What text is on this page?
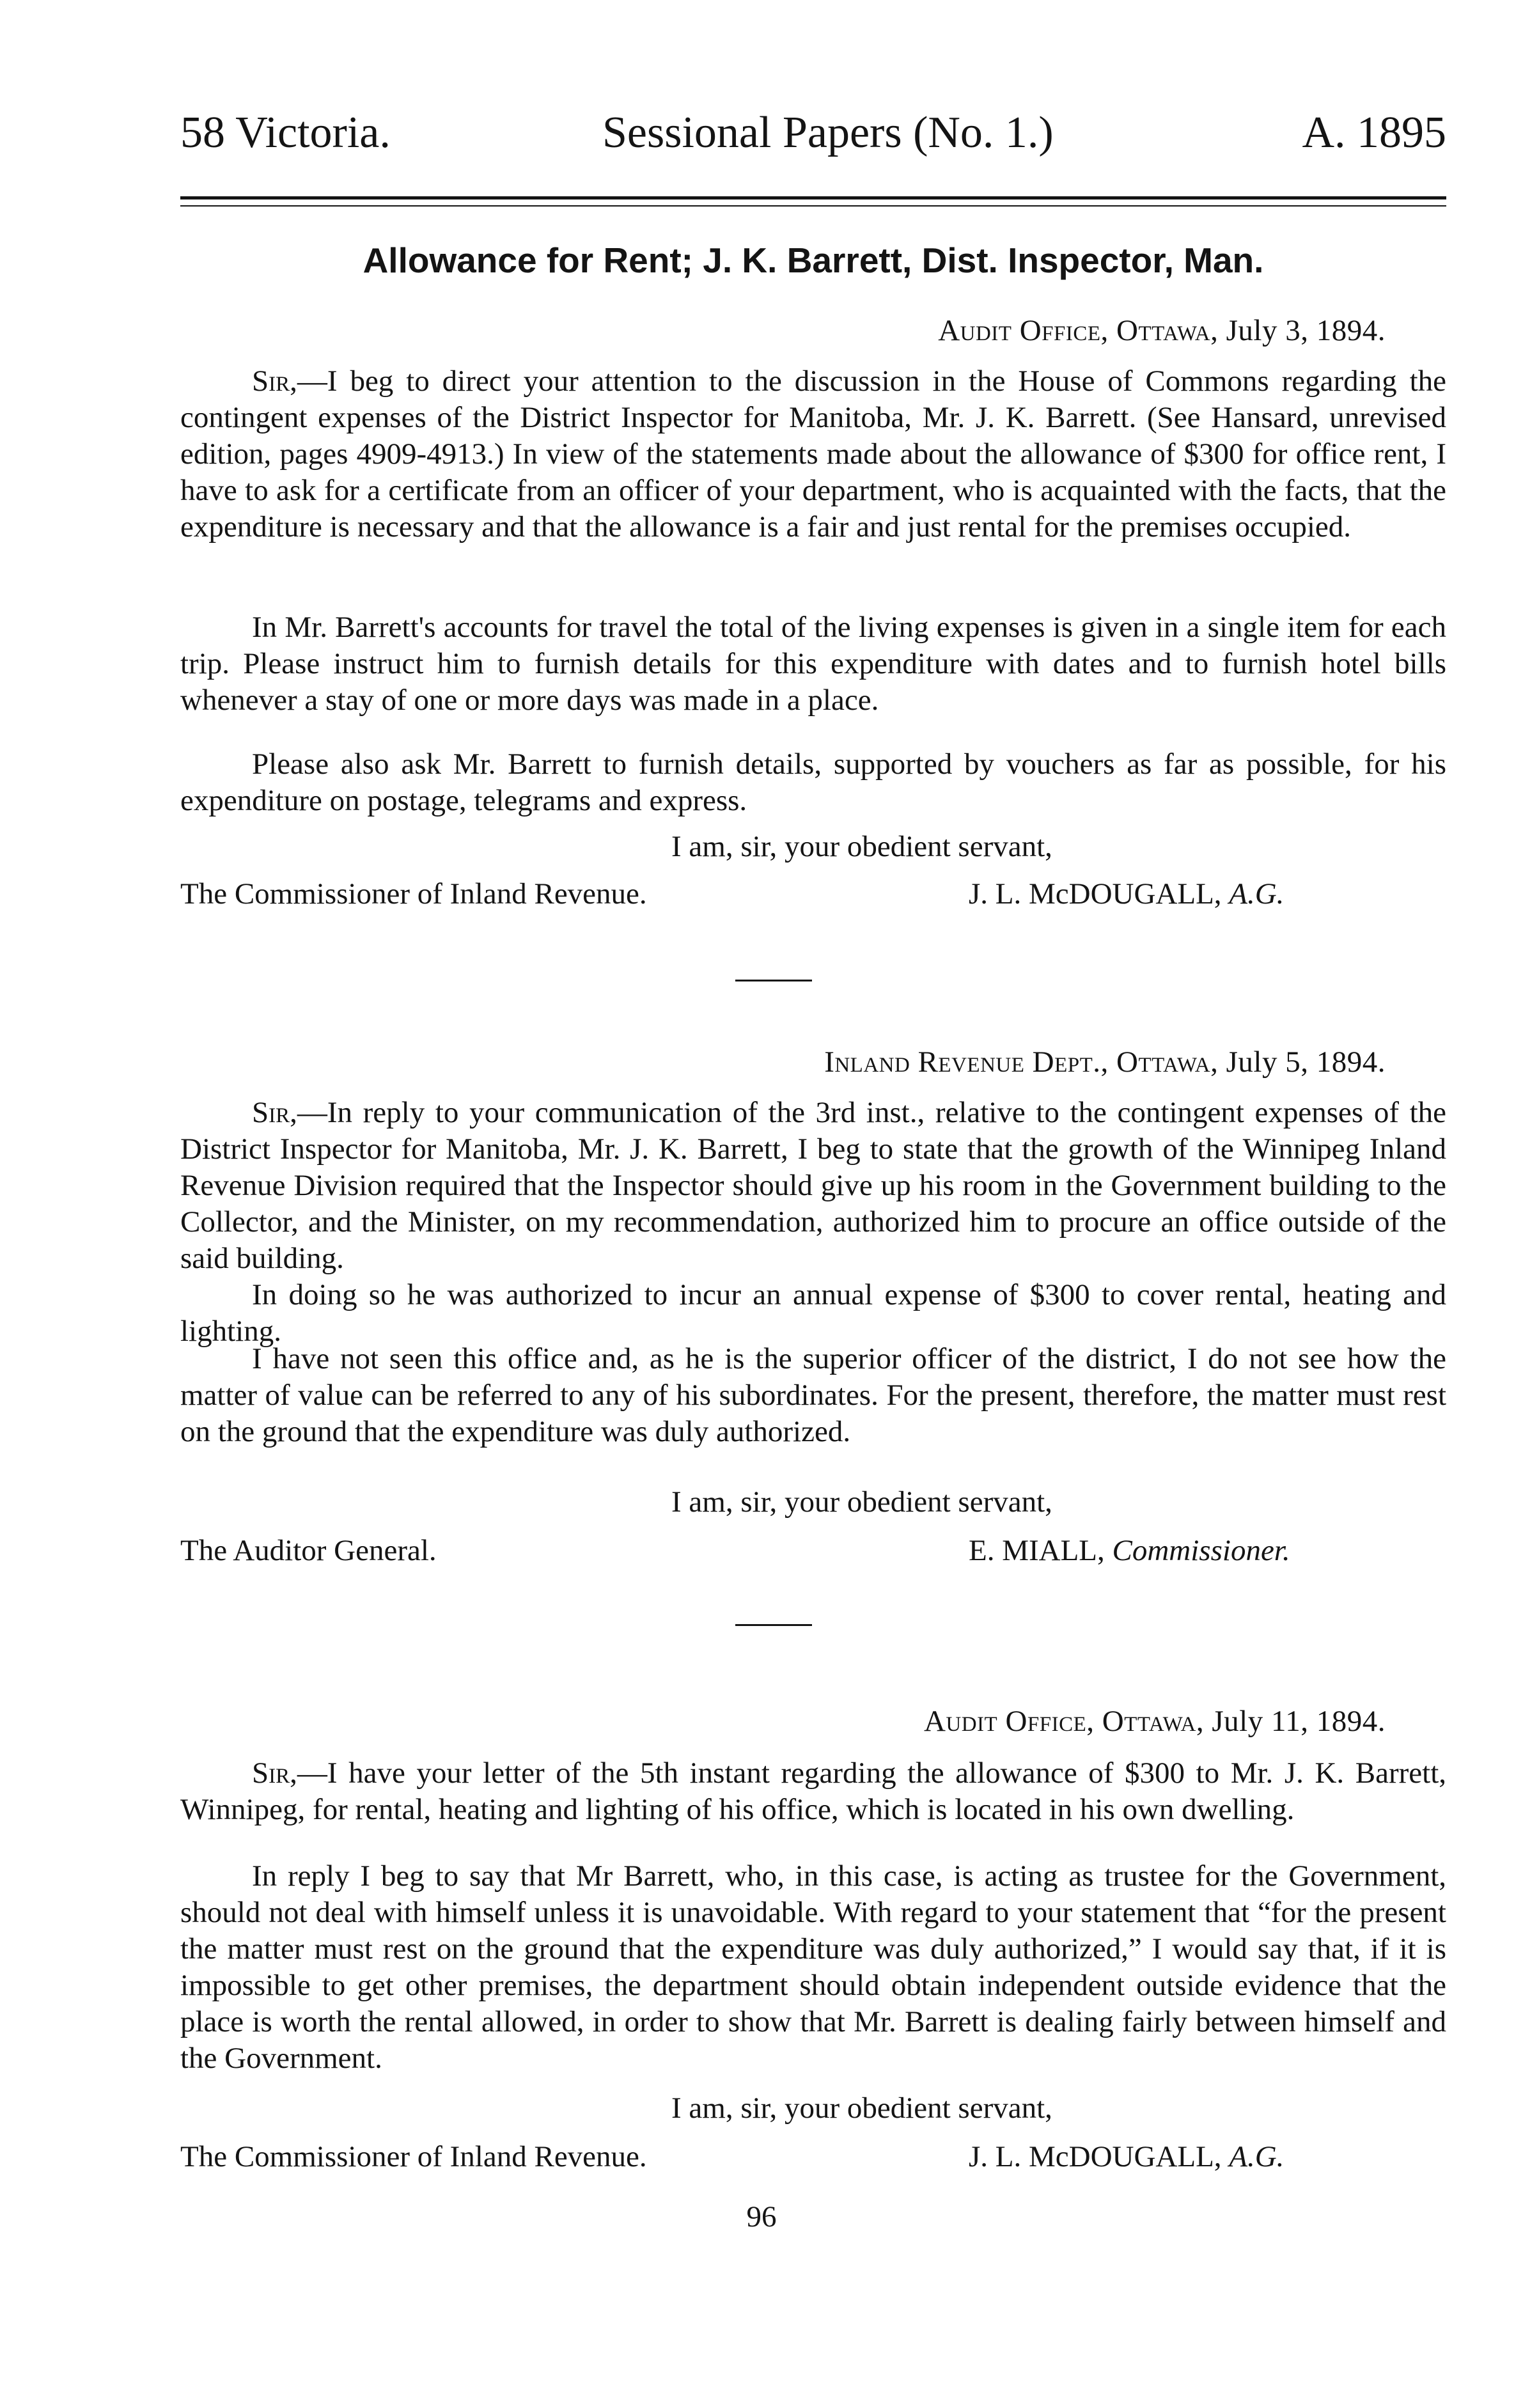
58 Victoria.	Sessional Papers (No. 1.)	A. 1895
Allowance for Rent; J. K. Barrett, Dist. Inspector, Man.
Audit Office, Ottawa, July 3, 1894.

Sir,—I beg to direct your attention to the discussion in the House of Commons regarding the contingent expenses of the District Inspector for Manitoba, Mr. J. K. Barrett. (See Hansard, unrevised edition, pages 4909-4913.) In view of the statements made about the allowance of $300 for office rent, I have to ask for a certificate from an officer of your department, who is acquainted with the facts, that the expenditure is necessary and that the allowance is a fair and just rental for the premises occupied.

In Mr. Barrett's accounts for travel the total of the living expenses is given in a single item for each trip. Please instruct him to furnish details for this expenditure with dates and to furnish hotel bills whenever a stay of one or more days was made in a place.

Please also ask Mr. Barrett to furnish details, supported by vouchers as far as possible, for his expenditure on postage, telegrams and express.

I am, sir, your obedient servant,
The Commissioner of Inland Revenue.	J. L. McDOUGALL, A.G.
Inland Revenue Dept., Ottawa, July 5, 1894.

Sir,—In reply to your communication of the 3rd inst., relative to the contingent expenses of the District Inspector for Manitoba, Mr. J. K. Barrett, I beg to state that the growth of the Winnipeg Inland Revenue Division required that the Inspector should give up his room in the Government building to the Collector, and the Minister, on my recommendation, authorized him to procure an office outside of the said building.

In doing so he was authorized to incur an annual expense of $300 to cover rental, heating and lighting.

I have not seen this office and, as he is the superior officer of the district, I do not see how the matter of value can be referred to any of his subordinates. For the present, therefore, the matter must rest on the ground that the expenditure was duly authorized.

I am, sir, your obedient servant,
The Auditor General.	E. MIALL, Commissioner.
Audit Office, Ottawa, July 11, 1894.

Sir,—I have your letter of the 5th instant regarding the allowance of $300 to Mr. J. K. Barrett, Winnipeg, for rental, heating and lighting of his office, which is located in his own dwelling.

In reply I beg to say that Mr Barrett, who, in this case, is acting as trustee for the Government, should not deal with himself unless it is unavoidable. With regard to your statement that “for the present the matter must rest on the ground that the expenditure was duly authorized,” I would say that, if it is impossible to get other premises, the department should obtain independent outside evidence that the place is worth the rental allowed, in order to show that Mr. Barrett is dealing fairly between himself and the Government.

I am, sir, your obedient servant,
The Commissioner of Inland Revenue.	J. L. McDOUGALL, A.G.
96
